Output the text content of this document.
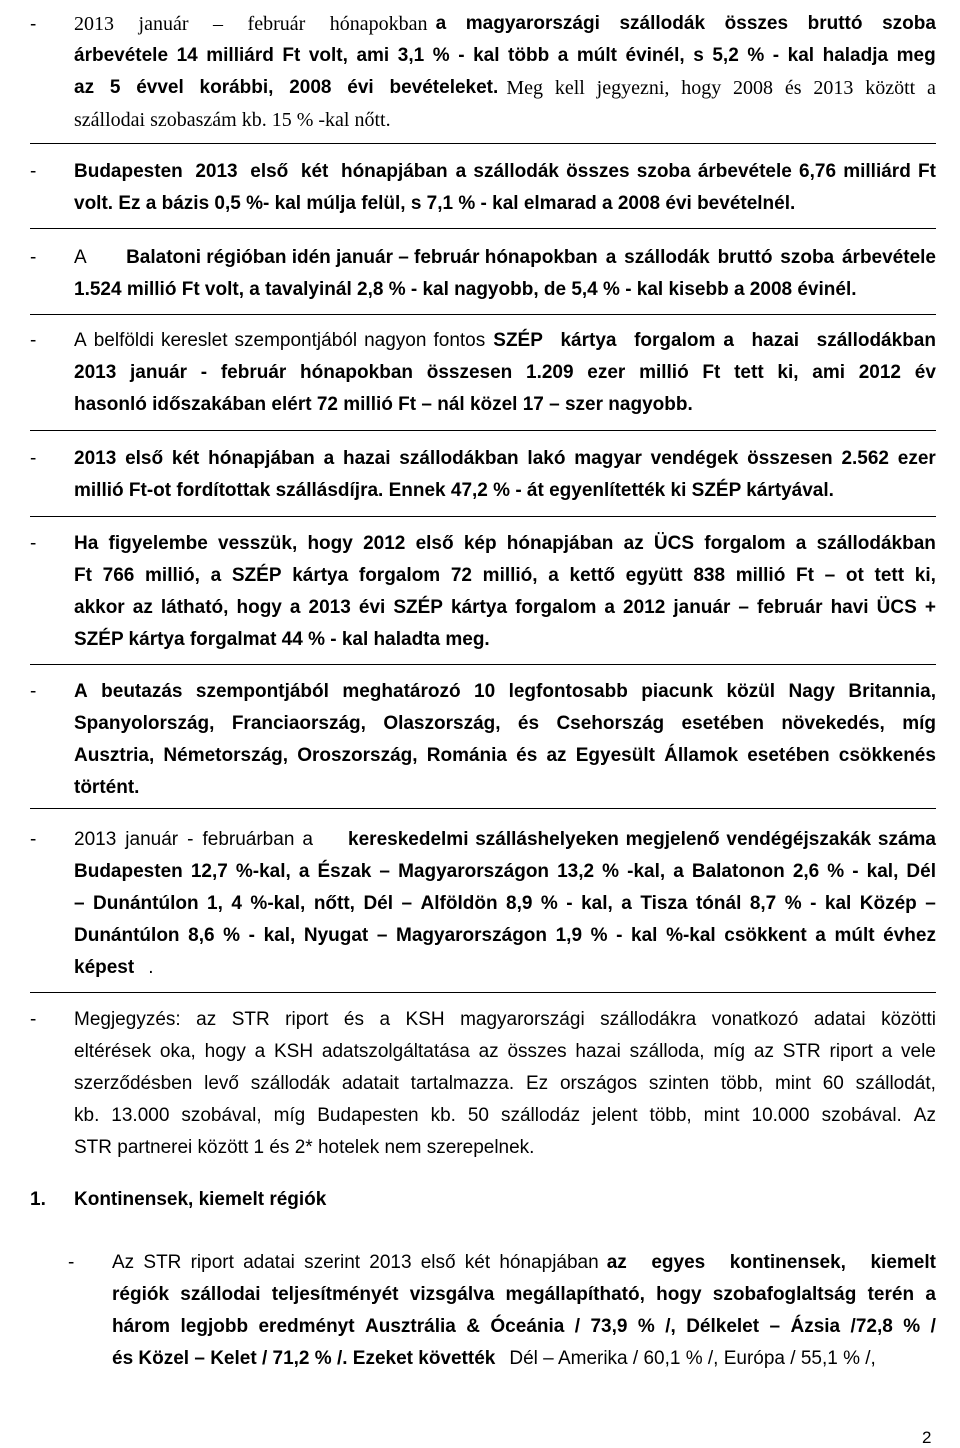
-	2013 január – február hónapokban a magyarországi szállodák összes bruttó szoba
árbevétele 14 milliárd Ft volt, ami 3,1 % - kal több a múlt évinél, s 5,2 % - kal haladja meg
az 5 évvel korábbi, 2008 évi bevételeket. Meg kell jegyezni, hogy 2008 és 2013 között a
szállodai szobaszám kb. 15 % -kal nőtt.
-	Budapesten 2013 első két hónapjában a szállodák összes szoba árbevétele 6,76 milliárd Ft
volt. Ez a bázis 0,5 %- kal múlja felül, s 7,1 % - kal elmarad a 2008 évi bevételnél.
-	A Balatoni régióban idén január – február hónapokban a szállodák bruttó szoba árbevétele
1.524 millió Ft volt, a tavalyinál 2,8 % - kal nagyobb, de 5,4 % - kal kisebb a 2008 évinél.
-	A belföldi kereslet szempontjából nagyon fontos SZÉP kártya forgalom a hazai szállodákban
2013 január - február hónapokban összesen 1.209 ezer millió Ft tett ki, ami 2012 év
hasonló időszakában elért 72 millió Ft – nál közel 17 – szer nagyobb.
-	2013 első két hónapjában a hazai szállodákban lakó magyar vendégek összesen 2.562 ezer
millió Ft-ot fordítottak szállásdíjra. Ennek 47,2 % - át egyenlítették ki SZÉP kártyával.
-	Ha figyelembe vesszük, hogy 2012 első kép hónapjában az ÜCS forgalom a szállodákban
Ft 766 millió, a SZÉP kártya forgalom 72 millió, a kettő együtt 838 millió Ft – ot tett ki,
akkor az látható, hogy a 2013 évi SZÉP kártya forgalom a 2012 január – február havi ÜCS +
SZÉP kártya forgalmat 44 % - kal haladta meg.
-	A beutazás szempontjából meghatározó 10 legfontosabb piacunk közül Nagy Britannia,
Spanyolország, Franciaország, Olaszország, és Csehország esetében növekedés, míg
Ausztria, Németország, Oroszország, Románia és az Egyesült Államok esetében csökkenés
történt.
-	2013 január - februárban a kereskedelmi szálláshelyeken megjelenő vendégéjszakák száma
Budapesten 12,7 %-kal, a Észak – Magyarországon 13,2 % -kal, a Balatonon 2,6 % - kal, Dél
– Dunántúlon 1, 4 %-kal, nőtt, Dél – Alföldön 8,9 % - kal, a Tisza tónál 8,7 % - kal Közép –
Dunántúlon 8,6 % - kal, Nyugat – Magyarországon 1,9 % - kal %-kal csökkent a múlt évhez
képest .
-	Megjegyzés: az STR riport és a KSH magyarországi szállodákra vonatkozó adatai közötti
eltérések oka, hogy a KSH adatszolgáltatása az összes hazai szálloda, míg az STR riport a vele
szerződésben levő szállodák adatait tartalmazza. Ez országos szinten több, mint 60 szállodát,
kb. 13.000 szobával, míg Budapesten kb. 50 szállodáz jelent több, mint 10.000 szobával. Az
STR partnerei között 1 és 2* hotelek nem szerepelnek.
1.	Kontinensek, kiemelt régiók
-	Az STR riport adatai szerint 2013 első két hónapjában az egyes kontinensek, kiemelt
régiók szállodai teljesítményét vizsgálva megállapítható, hogy szobafoglaltság terén a
három legjobb eredményt Ausztrália & Óceánia / 73,9 % /, Délkelet – Ázsia /72,8 % /
és Közel – Kelet / 71,2 % /. Ezeket követték Dél – Amerika / 60,1 % /, Európa / 55,1 % /,
2
